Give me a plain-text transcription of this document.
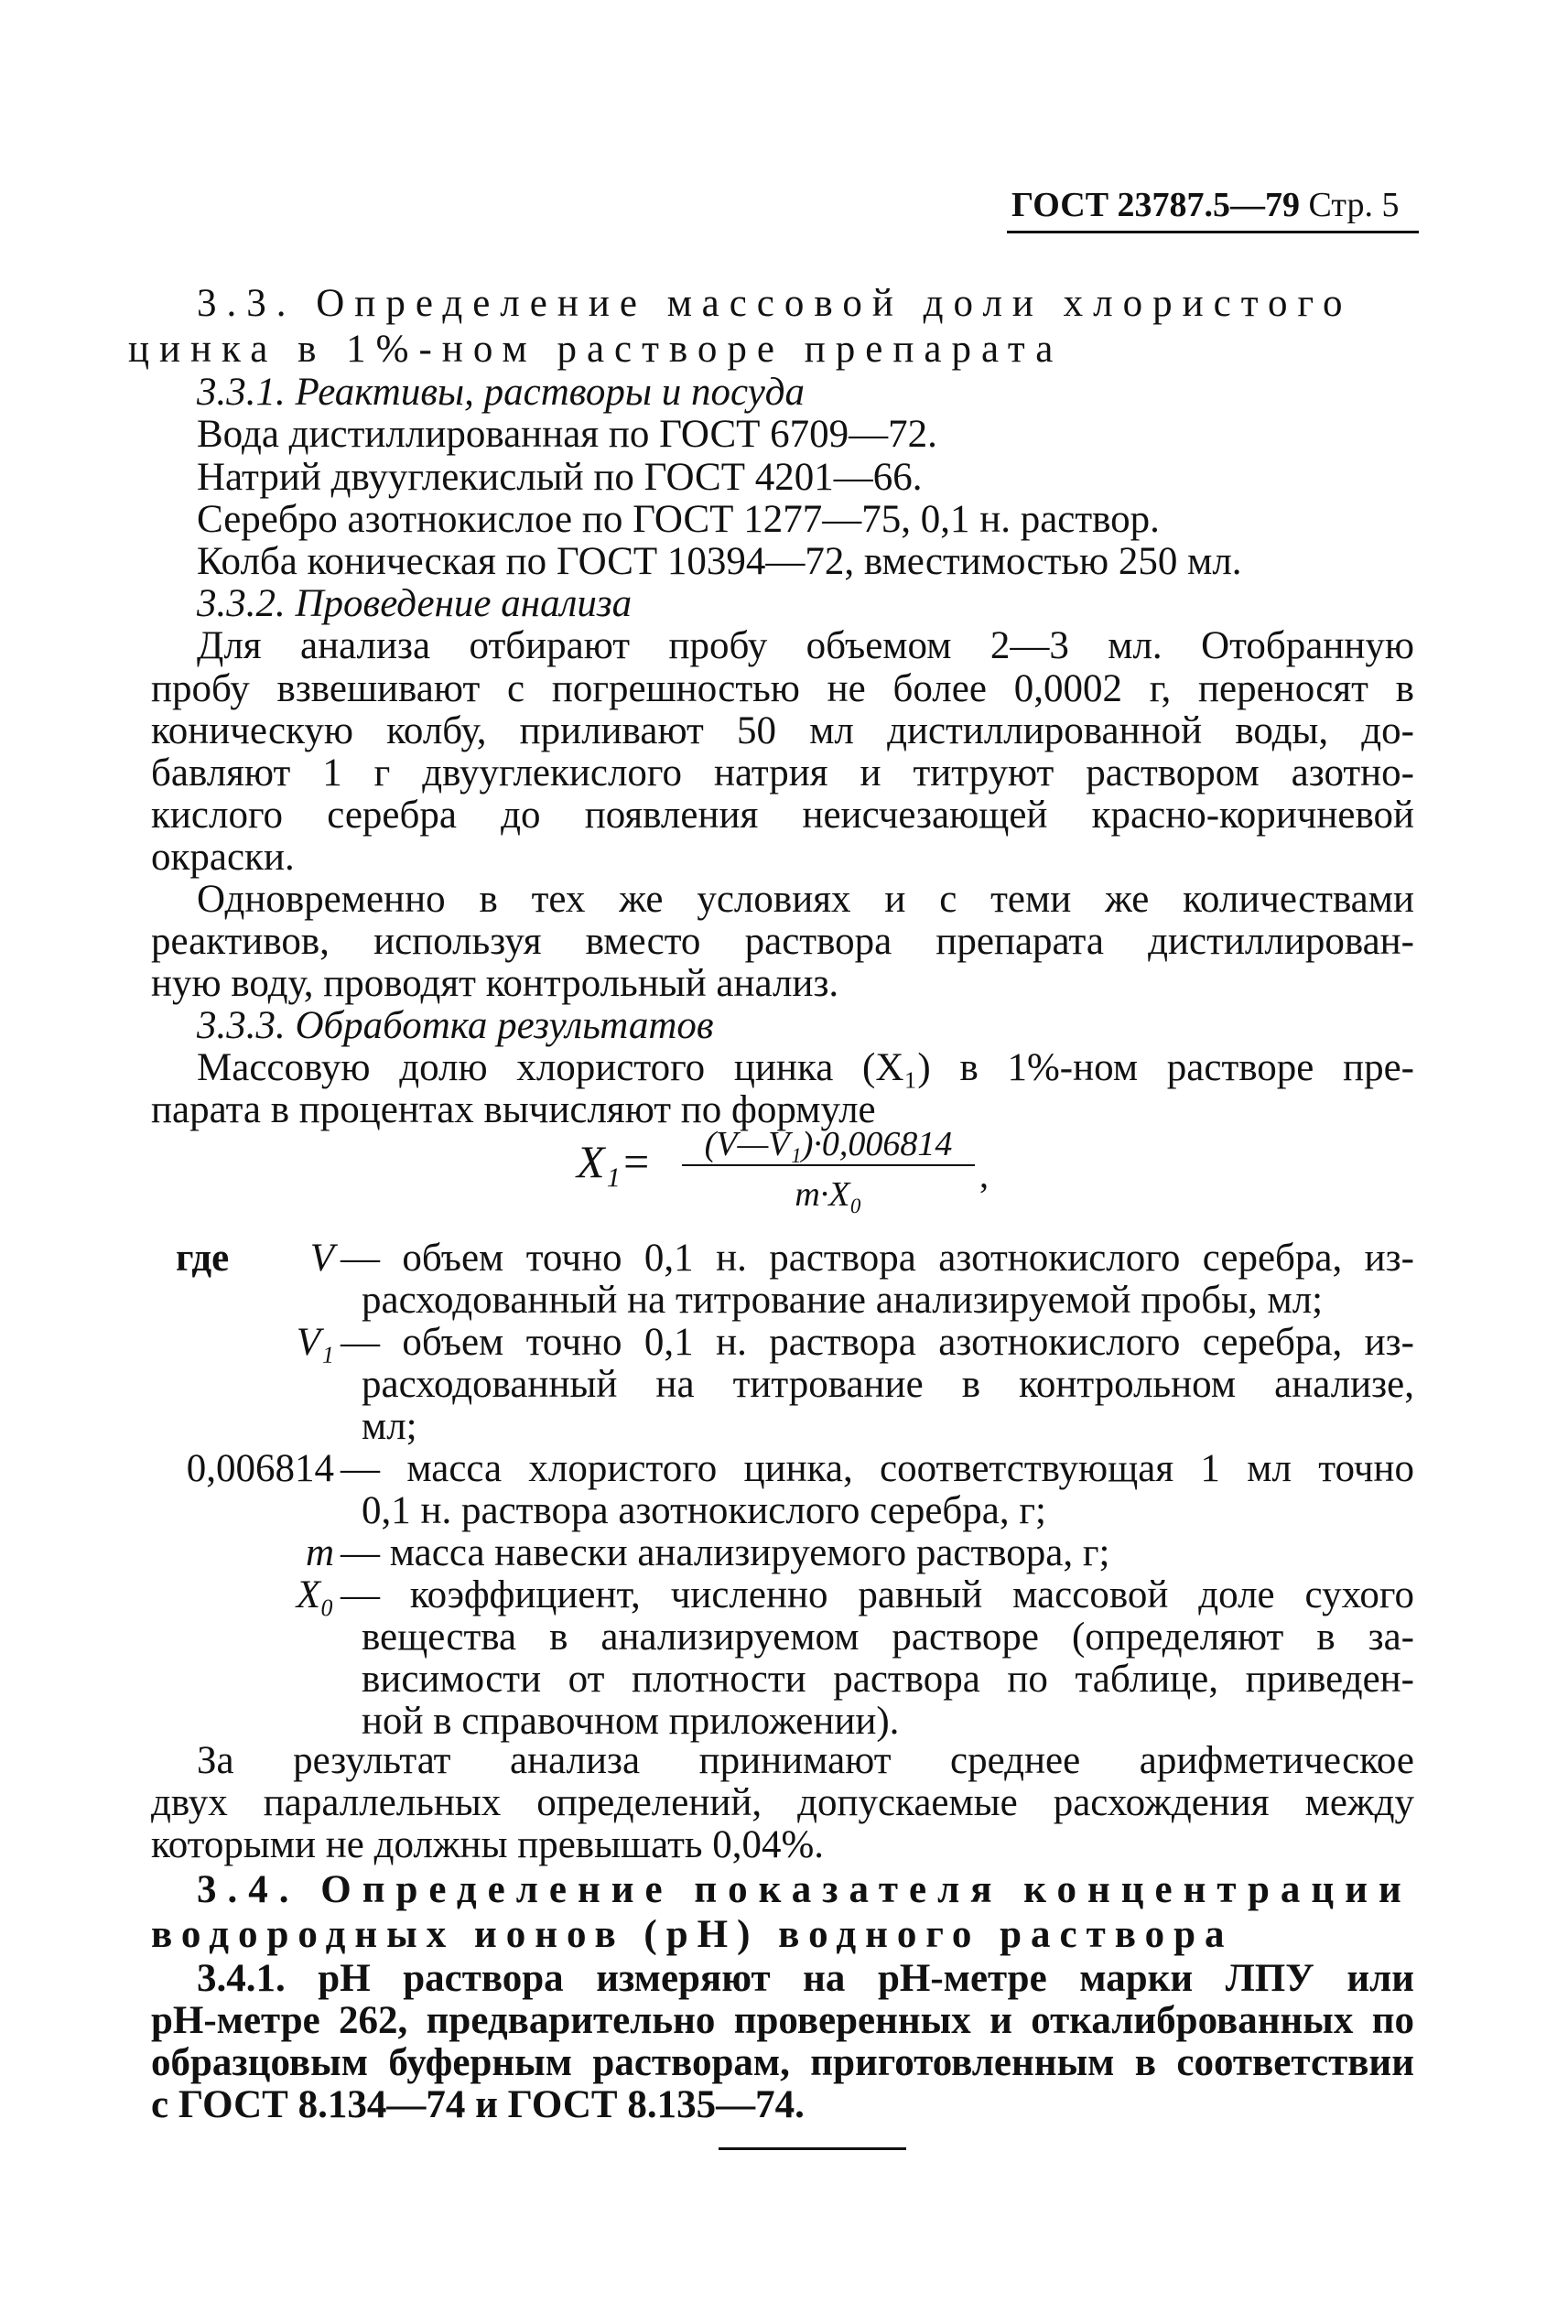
ГОСТ 23787.5—79 Стр. 5
3.3. Определение массовой доли хлористого
цинка в 1%-ном растворе препарата
3.3.1. Реактивы, растворы и посуда
Вода дистиллированная по ГОСТ 6709—72.
Натрий двууглекислый по ГОСТ 4201—66.
Серебро азотнокислое по ГОСТ 1277—75, 0,1 н. раствор.
Колба коническая по ГОСТ 10394—72, вместимостью 250 мл.
3.3.2. Проведение анализа
Для анализа отбирают пробу объемом 2—3 мл. Отобранную
пробу взвешивают с погрешностью не более 0,0002 г, переносят в
коническую колбу, приливают 50 мл дистиллированной воды, до-
бавляют 1 г двууглекислого натрия и титруют раствором азотно-
кислого серебра до появления неисчезающей красно-коричневой
окраски.
Одновременно в тех же условиях и с теми же количествами
реактивов, используя вместо раствора препарата дистиллирован-
ную воду, проводят контрольный анализ.
3.3.3. Обработка результатов
Массовую долю хлористого цинка (X₁) в 1%-ном растворе пре-
парата в процентах вычисляют по формуле
X₁=	(V—V₁)·0,006814
m·X₀	,
где	V — объем точно 0,1 н. раствора азотнокислого серебра, из-
расходованный на титрование анализируемой пробы, мл;
V₁ — объем точно 0,1 н. раствора азотнокислого серебра, из-
расходованный на титрование в контрольном анализе,
мл;
0,006814 — масса хлористого цинка, соответствующая 1 мл точно
0,1 н. раствора азотнокислого серебра, г;
m — масса навески анализируемого раствора, г;
X₀ — коэффициент, численно равный массовой доле сухого
вещества в анализируемом растворе (определяют в за-
висимости от плотности раствора по таблице, приведен-
ной в справочном приложении).
За результат анализа принимают среднее арифметическое
двух параллельных определений, допускаемые расхождения между
которыми не должны превышать 0,04%.
3.4. Определение показателя концентрации
водородных ионов (pH) водного раствора
3.4.1. pH раствора измеряют на pH-метре марки ЛПУ или
pH-метре 262, предварительно проверенных и откалиброванных по
образцовым буферным растворам, приготовленным в соответствии
с ГОСТ 8.134—74 и ГОСТ 8.135—74.
